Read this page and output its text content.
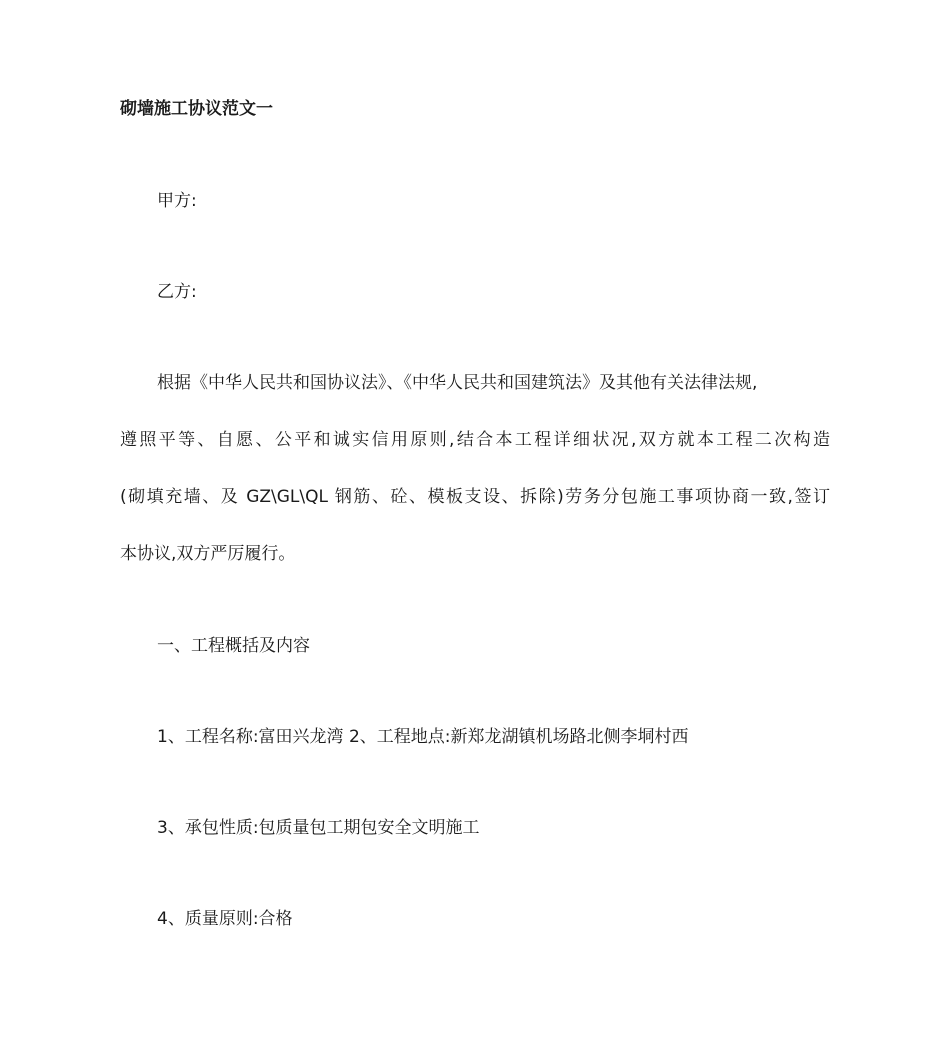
砌墙施工协议范文一
甲方:
乙方:
根据《中华人民共和国协议法》、《中华人民共和国建筑法》及其他有关法律法规,
遵照平等、自愿、公平和诚实信用原则,结合本工程详细状况,双方就本工程二次构造
(砌填充墙、及 GZ\GL\QL 钢筋、砼、模板支设、拆除)劳务分包施工事项协商一致,签订
本协议,双方严厉履行。
一、工程概括及内容
1、工程名称:富田兴龙湾 2、工程地点:新郑龙湖镇机场路北侧李垌村西
3、承包性质:包质量包工期包安全文明施工
4、质量原则:合格
